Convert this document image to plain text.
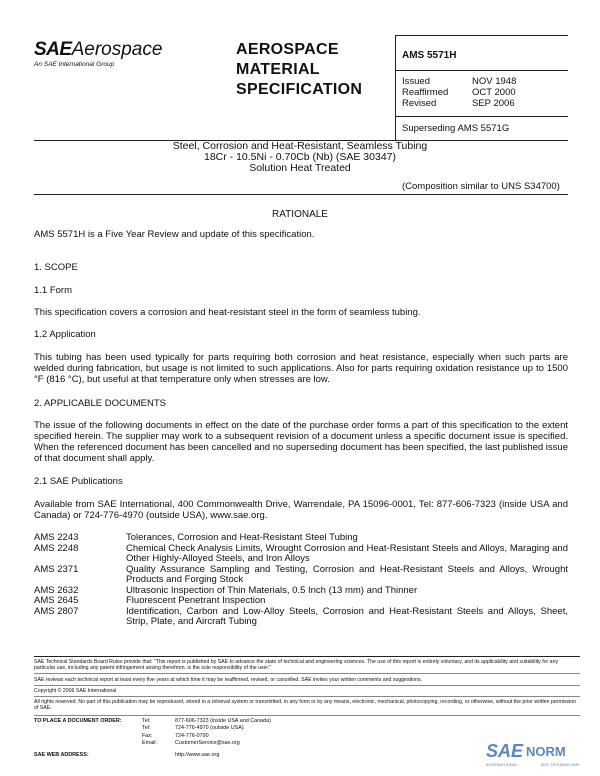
SAEAerospace
An SAE International Group
AEROSPACE
MATERIAL
SPECIFICATION
AMS 5571H
Issued	NOV 1948
Reaffirmed	OCT 2000
Revised	SEP 2006
Superseding AMS 5571G
Steel, Corrosion and Heat-Resistant, Seamless Tubing
18Cr - 10.5Ni - 0.70Cb (Nb) (SAE 30347)
Solution Heat Treated
(Composition similar to UNS S34700)
RATIONALE
AMS 5571H is a Five Year Review and update of this specification.
1. SCOPE
1.1 Form
This specification covers a corrosion and heat-resistant steel in the form of seamless tubing.
1.2 Application
This tubing has been used typically for parts requiring both corrosion and heat resistance, especially when such parts are welded during fabrication, but usage is not limited to such applications. Also for parts requiring oxidation resistance up to 1500 °F (816 °C), but useful at that temperature only when stresses are low.
2. APPLICABLE DOCUMENTS
The issue of the following documents in effect on the date of the purchase order forms a part of this specification to the extent specified herein. The supplier may work to a subsequent revision of a document unless a specific document issue is specified. When the referenced document has been cancelled and no superseding document has been specified, the last published issue of that document shall apply.
2.1 SAE Publications
Available from SAE International, 400 Commonwealth Drive, Warrendale, PA 15096-0001, Tel: 877-606-7323 (inside USA and Canada) or 724-776-4970 (outside USA), www.sae.org.
AMS 2243	Tolerances, Corrosion and Heat-Resistant Steel Tubing
AMS 2248	Chemical Check Analysis Limits, Wrought Corrosion and Heat-Resistant Steels and Alloys, Maraging and Other Highly-Alloyed Steels, and Iron Alloys
AMS 2371	Quality Assurance Sampling and Testing, Corrosion and Heat-Resistant Steels and Alloys, Wrought Products and Forging Stock
AMS 2632	Ultrasonic Inspection of Thin Materials, 0.5 Inch (13 mm) and Thinner
AMS 2645	Fluorescent Penetrant Inspection
AMS 2807	Identification, Carbon and Low-Alloy Steels, Corrosion and Heat-Resistant Steels and Alloys, Sheet, Strip, Plate, and Aircraft Tubing
SAE Technical Standards Board Rules provide that: "This report is published by SAE to advance the state of technical and engineering sciences. The use of this report is entirely voluntary, and its applicability and suitability for any particular use, including any patent infringement arising therefrom, is the sole responsibility of the user."
SAE reviews each technical report at least every five years at which time it may be reaffirmed, revised, or cancelled. SAE invites your written comments and suggestions.
Copyright © 2006 SAE International
All rights reserved. No part of this publication may be reproduced, stored in a retrieval system or transmitted, in any form or by any means, electronic, mechanical, photocopying, recording, or otherwise, without the prior written permission of SAE.
TO PLACE A DOCUMENT ORDER:	Tel:	877-606-7323 (inside USA and Canada)
Tel:	724-776-4970 (outside USA)
Fax:	724-776-0790
Email:	CustomerService@sae.org
SAE WEB ADDRESS:	http://www.sae.org	SAE NORM
INTERNATIONAL	ВСЕ ТЕХНИЧЕСКИЕ
